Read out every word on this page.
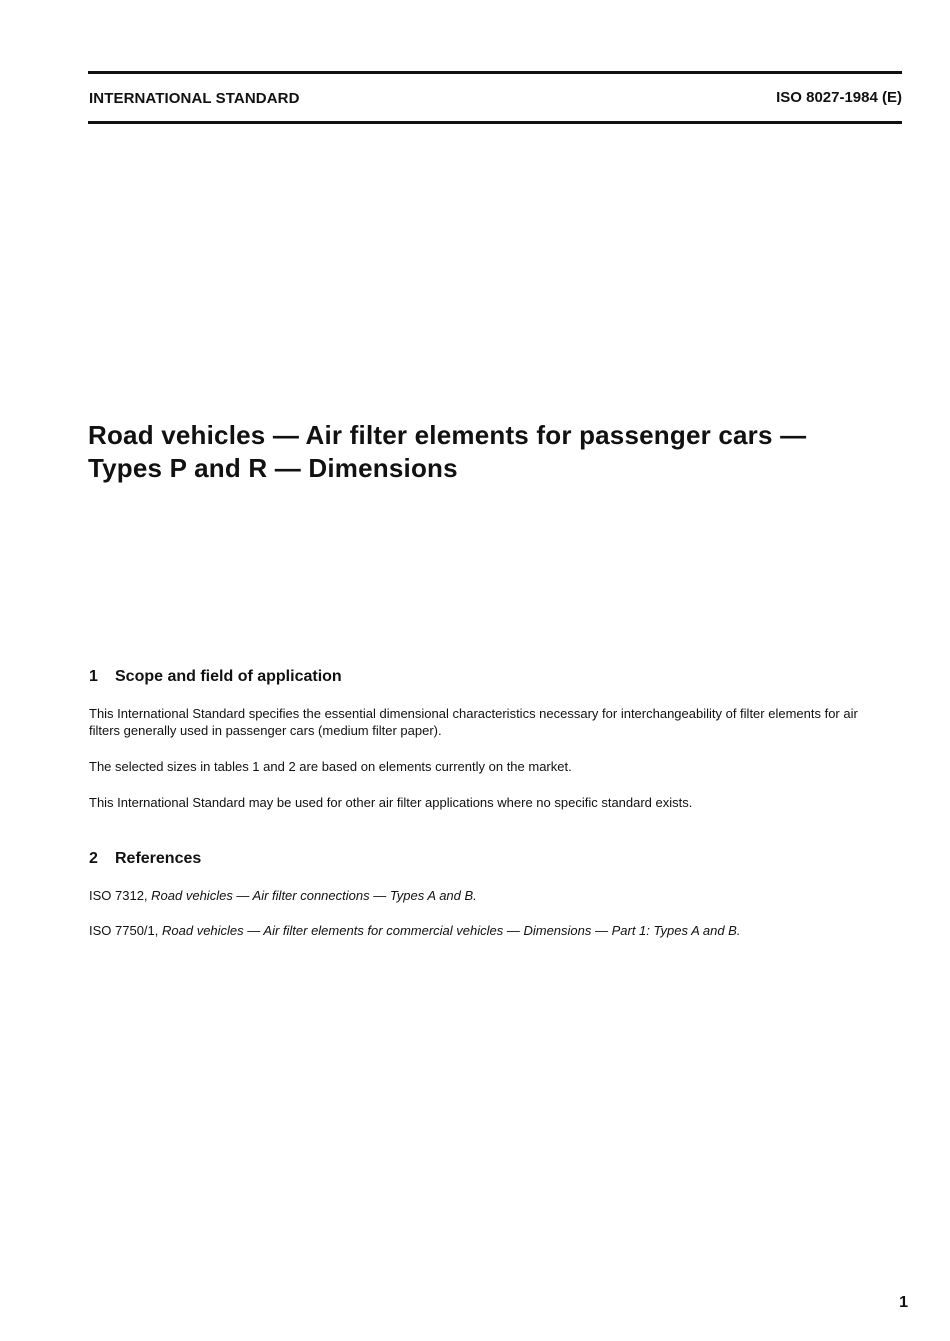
INTERNATIONAL STANDARD	ISO 8027-1984 (E)
Road vehicles — Air filter elements for passenger cars —
Types P and R — Dimensions
1 Scope and field of application
This International Standard specifies the essential dimensional characteristics necessary for interchangeability of filter elements for air
filters generally used in passenger cars (medium filter paper).
The selected sizes in tables 1 and 2 are based on elements currently on the market.
This International Standard may be used for other air filter applications where no specific standard exists.
2 References
ISO 7312, Road vehicles — Air filter connections — Types A and B.
ISO 7750/1, Road vehicles — Air filter elements for commercial vehicles — Dimensions — Part 1: Types A and B.
1
